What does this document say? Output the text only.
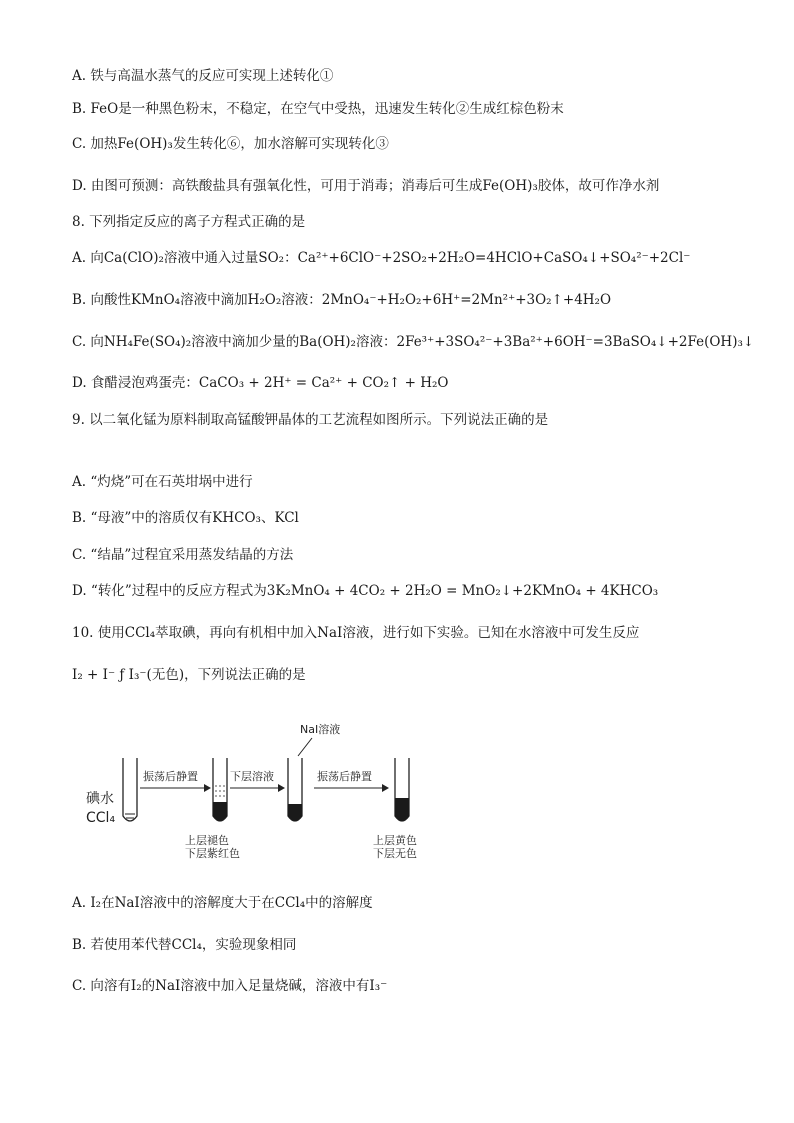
A. 铁与高温水蒸气的反应可实现上述转化①
B. FeO是一种黑色粉末，不稳定，在空气中受热，迅速发生转化②生成红棕色粉末
C. 加热Fe(OH)₃发生转化⑥，加水溶解可实现转化③
D. 由图可预测：高铁酸盐具有强氧化性，可用于消毒；消毒后可生成Fe(OH)₃胶体，故可作净水剂
8. 下列指定反应的离子方程式正确的是
A. 向Ca(ClO)₂溶液中通入过量SO₂：Ca²⁺+6ClO⁻+2SO₂+2H₂O=4HClO+CaSO₄↓+SO₄²⁻+2Cl⁻
B. 向酸性KMnO₄溶液中滴加H₂O₂溶液：2MnO₄⁻+H₂O₂+6H⁺=2Mn²⁺+3O₂↑+4H₂O
C. 向NH₄Fe(SO₄)₂溶液中滴加少量的Ba(OH)₂溶液：2Fe³⁺+3SO₄²⁻+3Ba²⁺+6OH⁻=3BaSO₄↓+2Fe(OH)₃↓
D. 食醋浸泡鸡蛋壳：CaCO₃ + 2H⁺ = Ca²⁺ + CO₂↑ + H₂O
9. 以二氧化锰为原料制取高锰酸钾晶体的工艺流程如图所示。下列说法正确的是
A. “灼烧”可在石英坩埚中进行
B. “母液”中的溶质仅有KHCO₃、KCl
C. “结晶”过程宜采用蒸发结晶的方法
D. “转化”过程中的反应方程式为3K₂MnO₄ + 4CO₂ + 2H₂O = MnO₂↓+2KMnO₄ + 4KHCO₃
10. 使用CCl₄萃取碘，再向有机相中加入NaI溶液，进行如下实验。已知在水溶液中可发生反应
I₂ + I⁻ ƒ I₃⁻(无色)，下列说法正确的是
NaI溶液
碘水
CCl₄
振荡后静置
上层褪色
下层紫红色
下层溶液	振荡后静置
上层黄色
下层无色
A. I₂在NaI溶液中的溶解度大于在CCl₄中的溶解度
B. 若使用苯代替CCl₄，实验现象相同
C. 向溶有I₂的NaI溶液中加入足量烧碱，溶液中有I₃⁻
